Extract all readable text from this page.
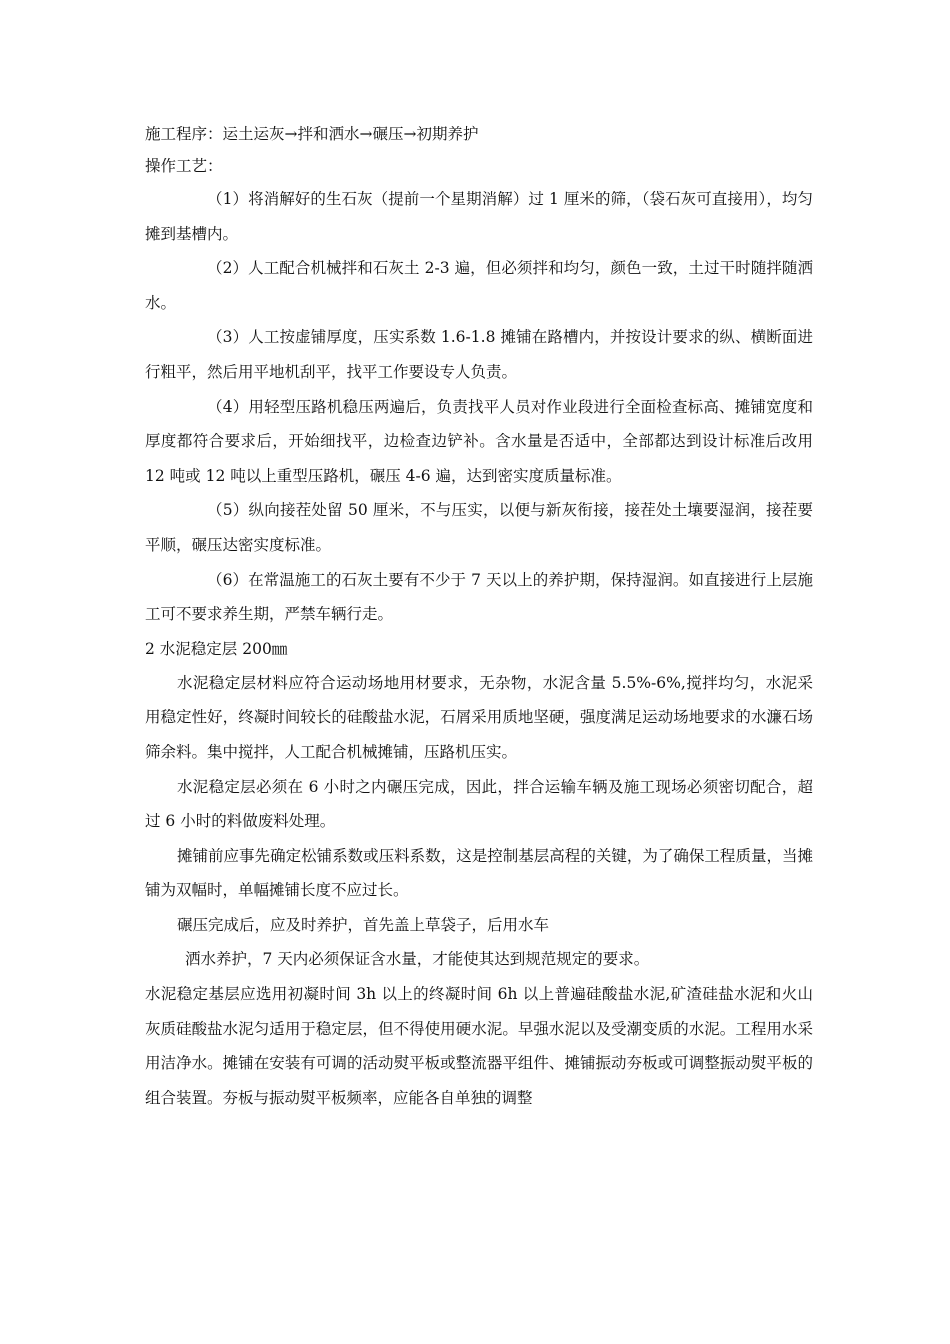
施工程序：运土运灰→拌和洒水→碾压→初期养护
操作工艺：

（1）将消解好的生石灰（提前一个星期消解）过 1 厘米的筛，（袋石灰可直接用），均匀摊到基槽内。

（2）人工配合机械拌和石灰土 2-3 遍，但必须拌和均匀，颜色一致，土过干时随拌随洒水。

（3）人工按虚铺厚度，压实系数 1.6-1.8 摊铺在路槽内，并按设计要求的纵、横断面进行粗平，然后用平地机刮平，找平工作要设专人负责。

（4）用轻型压路机稳压两遍后，负责找平人员对作业段进行全面检查标高、摊铺宽度和厚度都符合要求后，开始细找平，边检查边铲补。含水量是否适中，全部都达到设计标准后改用 12 吨或 12 吨以上重型压路机，碾压 4-6 遍，达到密实度质量标准。

（5）纵向接茬处留 50 厘米，不与压实，以便与新灰衔接，接茬处土壤要湿润，接茬要平顺，碾压达密实度标准。

（6）在常温施工的石灰土要有不少于 7 天以上的养护期，保持湿润。如直接进行上层施工可不要求养生期，严禁车辆行走。

2 水泥稳定层 200㎜

水泥稳定层材料应符合运动场地用材要求，无杂物，水泥含量 5.5%-6%,搅拌均匀，水泥采用稳定性好，终凝时间较长的硅酸盐水泥，石屑采用质地坚硬，强度满足运动场地要求的水濂石场筛余料。集中搅拌，人工配合机械摊铺，压路机压实。

水泥稳定层必须在 6 小时之内碾压完成，因此，拌合运输车辆及施工现场必须密切配合，超过 6 小时的料做废料处理。

摊铺前应事先确定松铺系数或压料系数，这是控制基层高程的关键，为了确保工程质量，当摊铺为双幅时，单幅摊铺长度不应过长。

碾压完成后，应及时养护，首先盖上草袋子，后用水车

洒水养护，7 天内必须保证含水量，才能使其达到规范规定的要求。

水泥稳定基层应选用初凝时间 3h 以上的终凝时间 6h 以上普遍硅酸盐水泥,矿渣硅盐水泥和火山灰质硅酸盐水泥匀适用于稳定层，但不得使用硬水泥。早强水泥以及受潮变质的水泥。工程用水采用洁净水。摊铺在安装有可调的活动熨平板或整流器平组件、摊铺振动夯板或可调整振动熨平板的组合装置。夯板与振动熨平板频率，应能各自单独的调整
